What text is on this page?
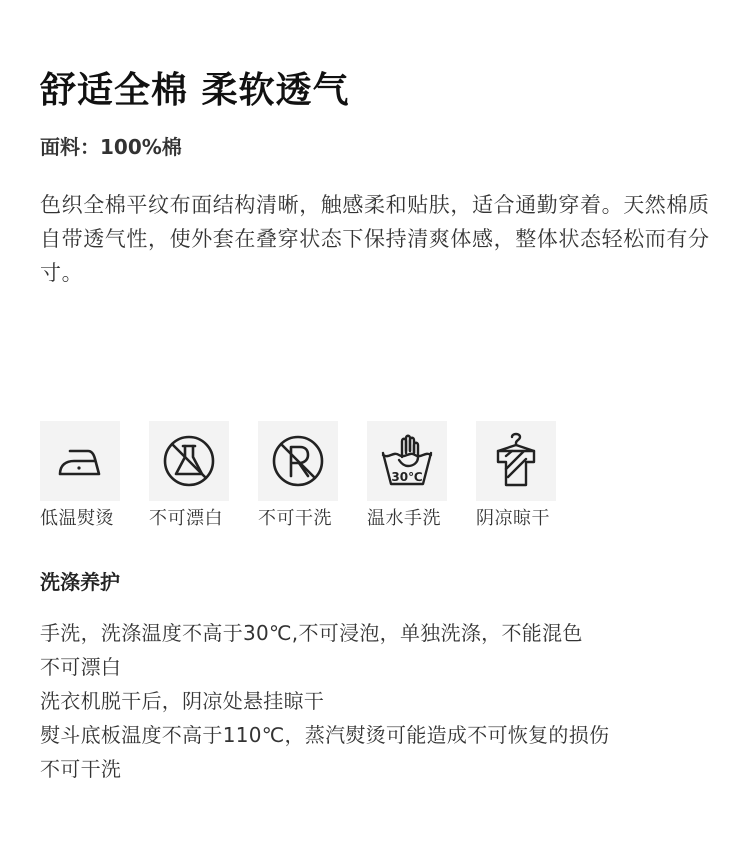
舒适全棉 柔软透气
面料：100%棉
色织全棉平纹布面结构清晰，触感柔和贴肤，适合通勤穿着。天然棉质自带透气性，使外套在叠穿状态下保持清爽体感，整体状态轻松而有分寸。
低温熨烫 不可漂白 不可干洗
30℃
温水手洗 阴凉晾干
洗涤养护
手洗，洗涤温度不高于30℃,不可浸泡，单独洗涤，不能混色
不可漂白
洗衣机脱干后，阴凉处悬挂晾干
熨斗底板温度不高于110℃，蒸汽熨烫可能造成不可恢复的损伤
不可干洗
